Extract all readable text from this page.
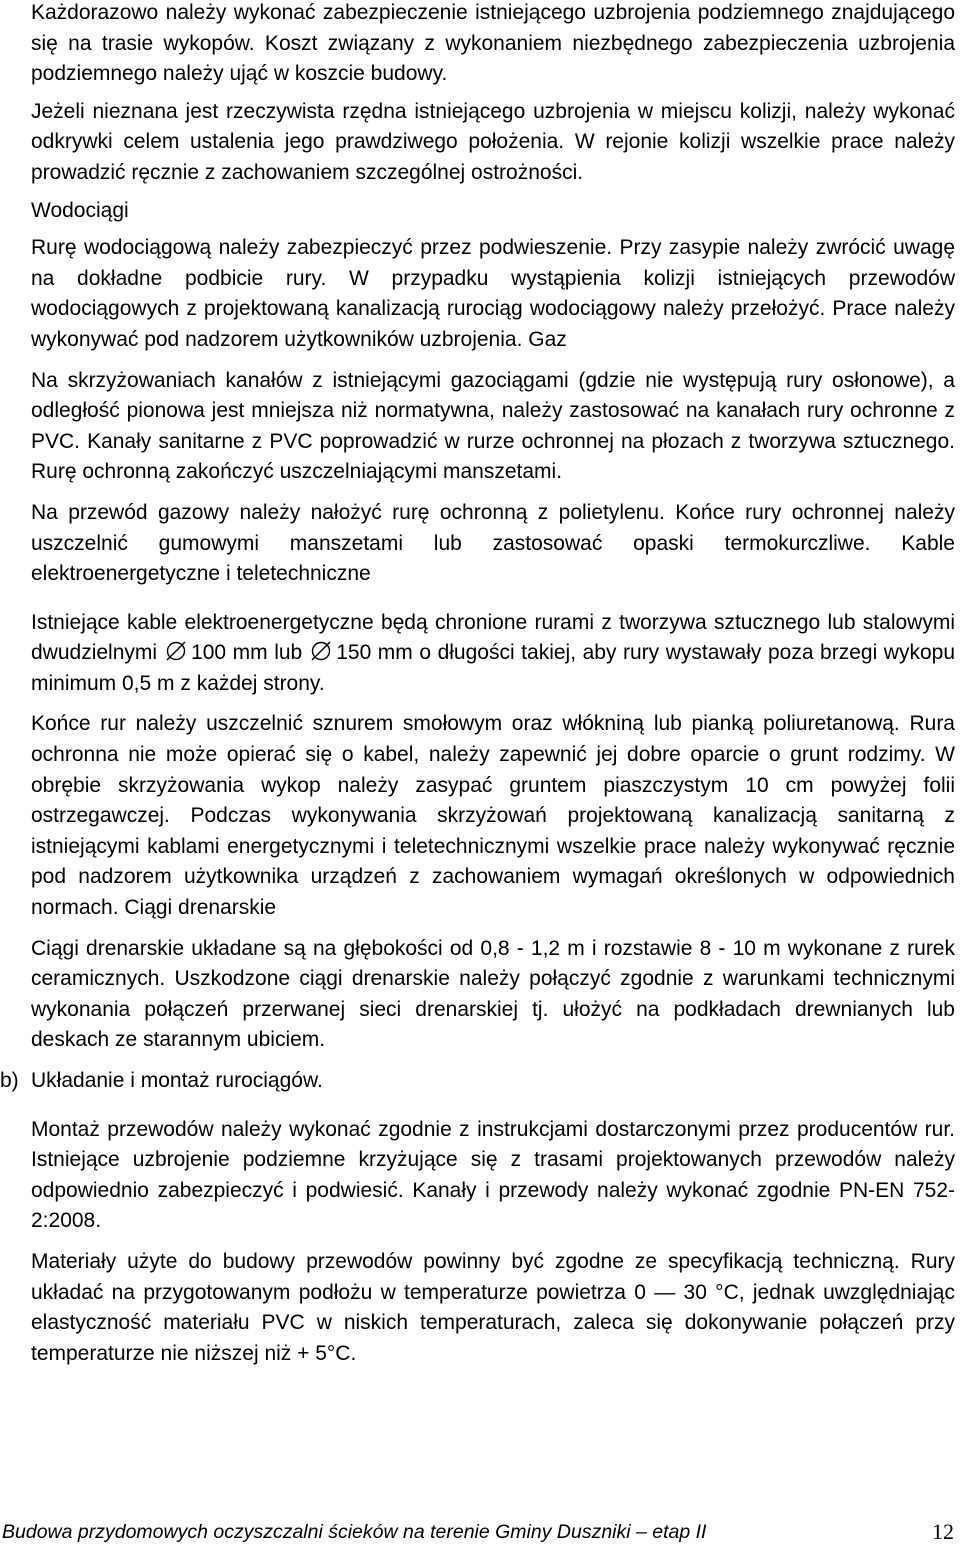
Każdorazowo należy wykonać zabezpieczenie istniejącego uzbrojenia podziemnego znajdującego się na trasie wykopów. Koszt związany z wykonaniem niezbędnego zabezpieczenia uzbrojenia podziemnego należy ująć w koszcie budowy.

Jeżeli nieznana jest rzeczywista rzędna istniejącego uzbrojenia w miejscu kolizji, należy wykonać odkrywki celem ustalenia jego prawdziwego położenia. W rejonie kolizji wszelkie prace należy prowadzić ręcznie z zachowaniem szczególnej ostrożności.

Wodociągi

Rurę wodociągową należy zabezpieczyć przez podwieszenie. Przy zasypie należy zwrócić uwagę na dokładne podbicie rury. W przypadku wystąpienia kolizji istniejących przewodów wodociągowych z projektowaną kanalizacją rurociąg wodociągowy należy przełożyć. Prace należy wykonywać pod nadzorem użytkowników uzbrojenia. Gaz

Na skrzyżowaniach kanałów z istniejącymi gazociągami (gdzie nie występują rury osłonowe), a odległość pionowa jest mniejsza niż normatywna, należy zastosować na kanałach rury ochronne z PVC. Kanały sanitarne z PVC poprowadzić w rurze ochronnej na płozach z tworzywa sztucznego. Rurę ochronną zakończyć uszczelniającymi manszetami.

Na przewód gazowy należy nałożyć rurę ochronną z polietylenu. Końce rury ochronnej należy uszczelnić gumowymi manszetami lub zastosować opaski termokurczliwe. Kable elektroenergetyczne i teletechniczne

Istniejące kable elektroenergetyczne będą chronione rurami z tworzywa sztucznego lub stalowymi dwudzielnymi 100 mm lub 150 mm o długości takiej, aby rury wystawały poza brzegi wykopu minimum 0,5 m z każdej strony.

Końce rur należy uszczelnić sznurem smołowym oraz włókniną lub pianką poliuretanową. Rura ochronna nie może opierać się o kabel, należy zapewnić jej dobre oparcie o grunt rodzimy. W obrębie skrzyżowania wykop należy zasypać gruntem piaszczystym 10 cm powyżej folii ostrzegawczej. Podczas wykonywania skrzyżowań projektowaną kanalizacją sanitarną z istniejącymi kablami energetycznymi i teletechnicznymi wszelkie prace należy wykonywać ręcznie pod nadzorem użytkownika urządzeń z zachowaniem wymagań określonych w odpowiednich normach. Ciągi drenarskie

Ciągi drenarskie układane są na głębokości od 0,8 - 1,2 m i rozstawie 8 - 10 m wykonane z rurek ceramicznych. Uszkodzone ciągi drenarskie należy połączyć zgodnie z warunkami technicznymi wykonania połączeń przerwanej sieci drenarskiej tj. ułożyć na podkładach drewnianych lub deskach ze starannym ubiciem.

b) Układanie i montaż rurociągów.

Montaż przewodów należy wykonać zgodnie z instrukcjami dostarczonymi przez producentów rur. Istniejące uzbrojenie podziemne krzyżujące się z trasami projektowanych przewodów należy odpowiednio zabezpieczyć i podwiesić. Kanały i przewody należy wykonać zgodnie PN-EN 752-2:2008.

Materiały użyte do budowy przewodów powinny być zgodne ze specyfikacją techniczną. Rury układać na przygotowanym podłożu w temperaturze powietrza 0 — 30 °C, jednak uwzględniając elastyczność materiału PVC w niskich temperaturach, zaleca się dokonywanie połączeń przy temperaturze nie niższej niż + 5°C.

Budowa przydomowych oczyszczalni ścieków na terenie Gminy Duszniki – etap II	12
